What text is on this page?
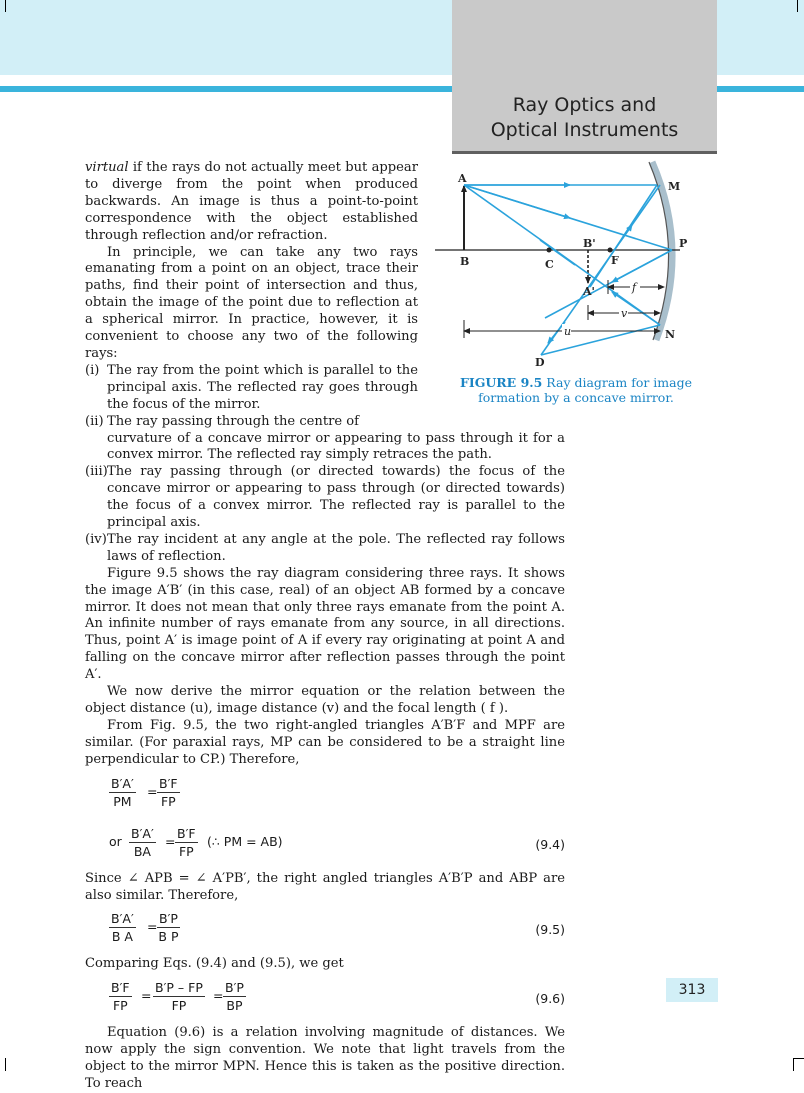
Ray Optics and
Optical Instruments
A
B	C	F
P
M
N
D
B'
A'	f
v
u
FIGURE 9.5 Ray diagram for image formation by a concave mirror.

virtual if the rays do not actually meet but appear to diverge from the point when produced backwards. An image is thus a point-to-point correspondence with the object established through reflection and/or refraction.

In principle, we can take any two rays emanating from a point on an object, trace their paths, find their point of intersection and thus, obtain the image of the point due to reflection at a spherical mirror. In practice, however, it is convenient to choose any two of the following rays:

(i) The ray from the point which is parallel to the principal axis. The reflected ray goes through the focus of the mirror.
(ii) The ray passing through the centre of
curvature of a concave mirror or appearing to pass through it for a convex mirror. The reflected ray simply retraces the path.
(iii) The ray passing through (or directed towards) the focus of the concave mirror or appearing to pass through (or directed towards) the focus of a convex mirror. The reflected ray is parallel to the principal axis.
(iv) The ray incident at any angle at the pole. The reflected ray follows laws of reflection.

Figure 9.5 shows the ray diagram considering three rays. It shows the image A′B′ (in this case, real) of an object AB formed by a concave mirror. It does not mean that only three rays emanate from the point A. An infinite number of rays emanate from any source, in all directions. Thus, point A′ is image point of A if every ray originating at point A and falling on the concave mirror after reflection passes through the point A′.

We now derive the mirror equation or the relation between the object distance (u), image distance (v) and the focal length ( f ).

From Fig. 9.5, the two right-angled triangles A′B′F and MPF are similar. (For paraxial rays, MP can be considered to be a straight line perpendicular to CP.) Therefore,

$\frac{B'A'}{PM} = \frac{B'F}{FP}$
or $\frac{B'A'}{BA} = \frac{B'F}{FP}$ (∴ PM = AB)	(9.4)

Since ∠ APB = ∠ A′PB′, the right angled triangles A′B′P and ABP are also similar. Therefore,

$\frac{B'A'}{\text{B A}} = \frac{B'P}{\text{B P}}$	(9.5)

Comparing Eqs. (9.4) and (9.5), we get

$\frac{B'F}{FP} = \frac{B'P - FP}{FP} = \frac{B'P}{BP}$	(9.6)

Equation (9.6) is a relation involving magnitude of distances. We now apply the sign convention. We note that light travels from the object to the mirror MPN. Hence this is taken as the positive direction. To reach

313
